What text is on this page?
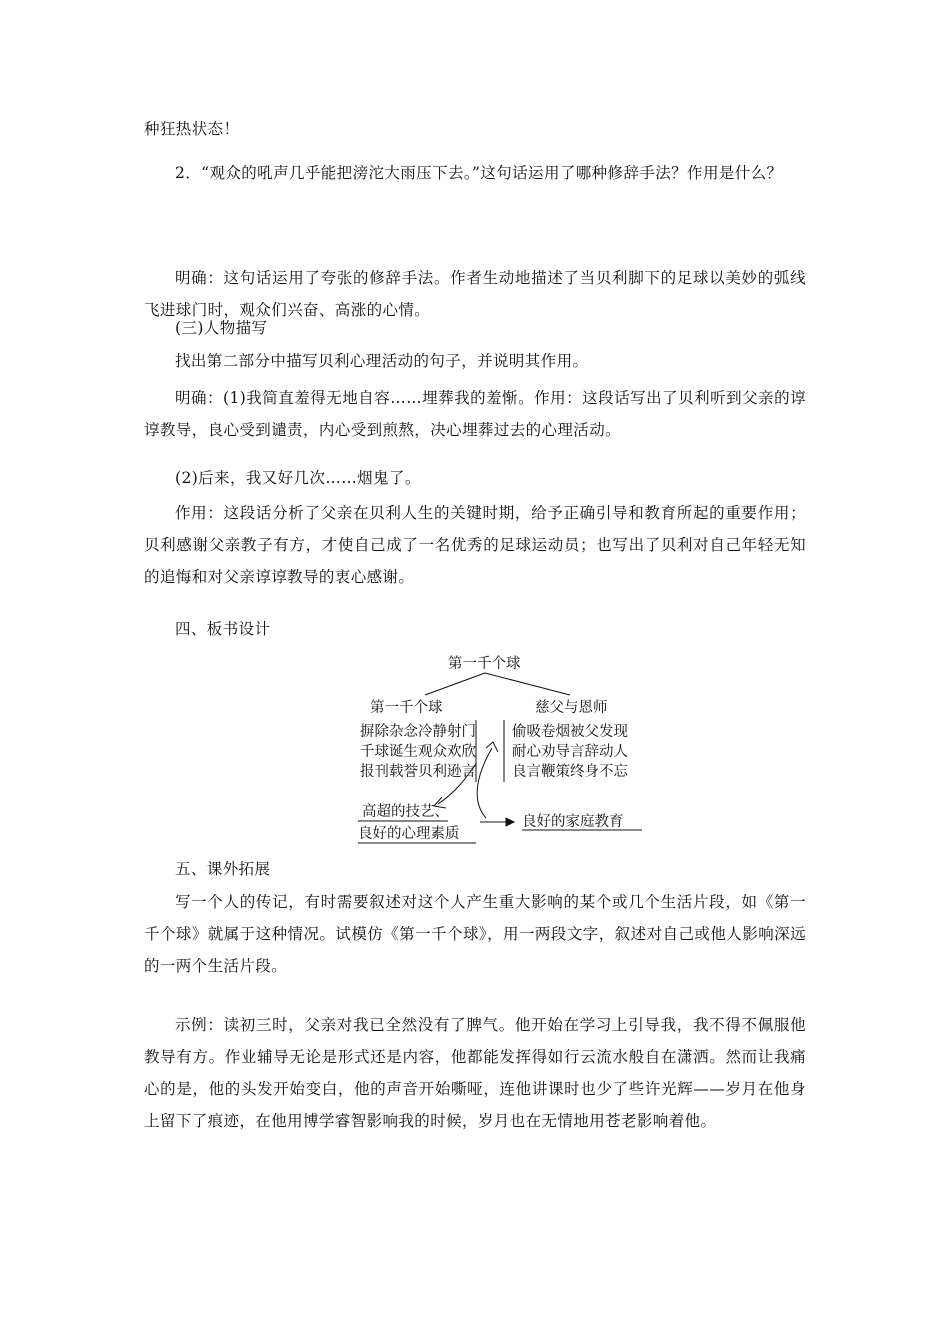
种狂热状态！

2．“观众的吼声几乎能把滂沱大雨压下去。”这句话运用了哪种修辞手法？作用是什么？

明确：这句话运用了夸张的修辞手法。作者生动地描述了当贝利脚下的足球以美妙的弧线飞进球门时，观众们兴奋、高涨的心情。

(三)人物描写

找出第二部分中描写贝利心理活动的句子，并说明其作用。

明确：(1)我简直羞得无地自容……埋葬我的羞惭。作用：这段话写出了贝利听到父亲的谆谆教导，良心受到谴责，内心受到煎熬，决心埋葬过去的心理活动。

(2)后来，我又好几次……烟鬼了。

作用：这段话分析了父亲在贝利人生的关键时期，给予正确引导和教育所起的重要作用；贝利感谢父亲教子有方，才使自己成了一名优秀的足球运动员；也写出了贝利对自己年轻无知的追悔和对父亲谆谆教导的衷心感谢。

四、板书设计

第一千个球
第一千个球	慈父与恩师
摒除杂念冷静射门
千球诞生观众欢欣
报刊载誉贝利逊言
偷吸卷烟被父发现
耐心劝导言辞动人
良言鞭策终身不忘
高超的技艺、
良好的心理素质
良好的家庭教育

五、课外拓展

写一个人的传记，有时需要叙述对这个人产生重大影响的某个或几个生活片段，如《第一千个球》就属于这种情况。试模仿《第一千个球》，用一两段文字，叙述对自己或他人影响深远的一两个生活片段。

示例：读初三时，父亲对我已全然没有了脾气。他开始在学习上引导我，我不得不佩服他教导有方。作业辅导无论是形式还是内容，他都能发挥得如行云流水般自在潇洒。然而让我痛心的是，他的头发开始变白，他的声音开始嘶哑，连他讲课时也少了些许光辉——岁月在他身上留下了痕迹，在他用博学睿智影响我的时候，岁月也在无情地用苍老影响着他。
